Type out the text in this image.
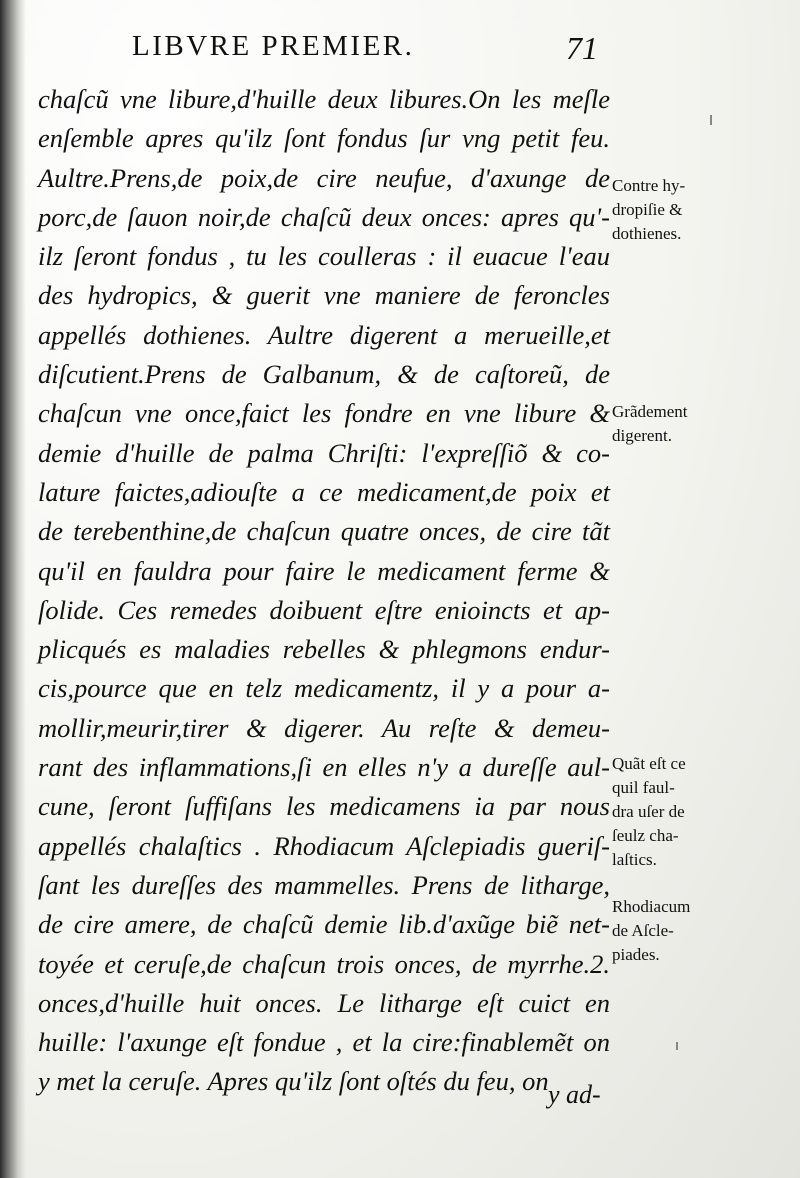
LIBVRE PREMIER.	71
chaſcũ vne libure,d'huille deux libures.On les meſle
enſemble apres qu'ilz ſont fondus ſur vng petit feu.
Aultre.Prens,de poix,de cire neufue, d'axunge de
porc,de ſauon noir,de chaſcũ deux onces: apres qu'-
ilz ſeront fondus , tu les coulleras : il euacue l'eau
des hydropics, & guerit vne maniere de feroncles
appellés dothienes. Aultre digerent a merueille,et
diſcutient.Prens de Galbanum, & de caſtoreũ, de
chaſcun vne once,faict les fondre en vne libure &
demie d'huille de palma Chriſti: l'expreſſiõ & co-
lature faictes,adiouſte a ce medicament,de poix et
de terebenthine,de chaſcun quatre onces, de cire tãt
qu'il en fauldra pour faire le medicament ferme &
ſolide. Ces remedes doibuent eſtre enioincts et ap-
plicqués es maladies rebelles & phlegmons endur-
cis,pource que en telz medicamentz, il y a pour a-
mollir,meurir,tirer & digerer. Au reſte & demeu-
rant des inflammations,ſi en elles n'y a dureſſe aul-
cune, ſeront ſuffiſans les medicamens ia par nous
appellés chalaſtics . Rhodiacum Aſclepiadis gueriſ-
ſant les dureſſes des mammelles. Prens de litharge,
de cire amere, de chaſcũ demie lib.d'axũge biẽ net-
toyée et ceruſe,de chaſcun trois onces, de myrrhe.2.
onces,d'huille huit onces. Le litharge eſt cuict en
huille: l'axunge eſt fondue , et la cire:finablemẽt on
y met la ceruſe. Apres qu'ilz ſont oſtés du feu, on y ad-
Contre hy-
dropiſie &
dothienes.
Grãdement
digerent.
Quãt eſt ce
quil faul-
dra uſer de
ſeulz cha-
laſtics.
Rhodiacum
de Aſcle-
piades.
